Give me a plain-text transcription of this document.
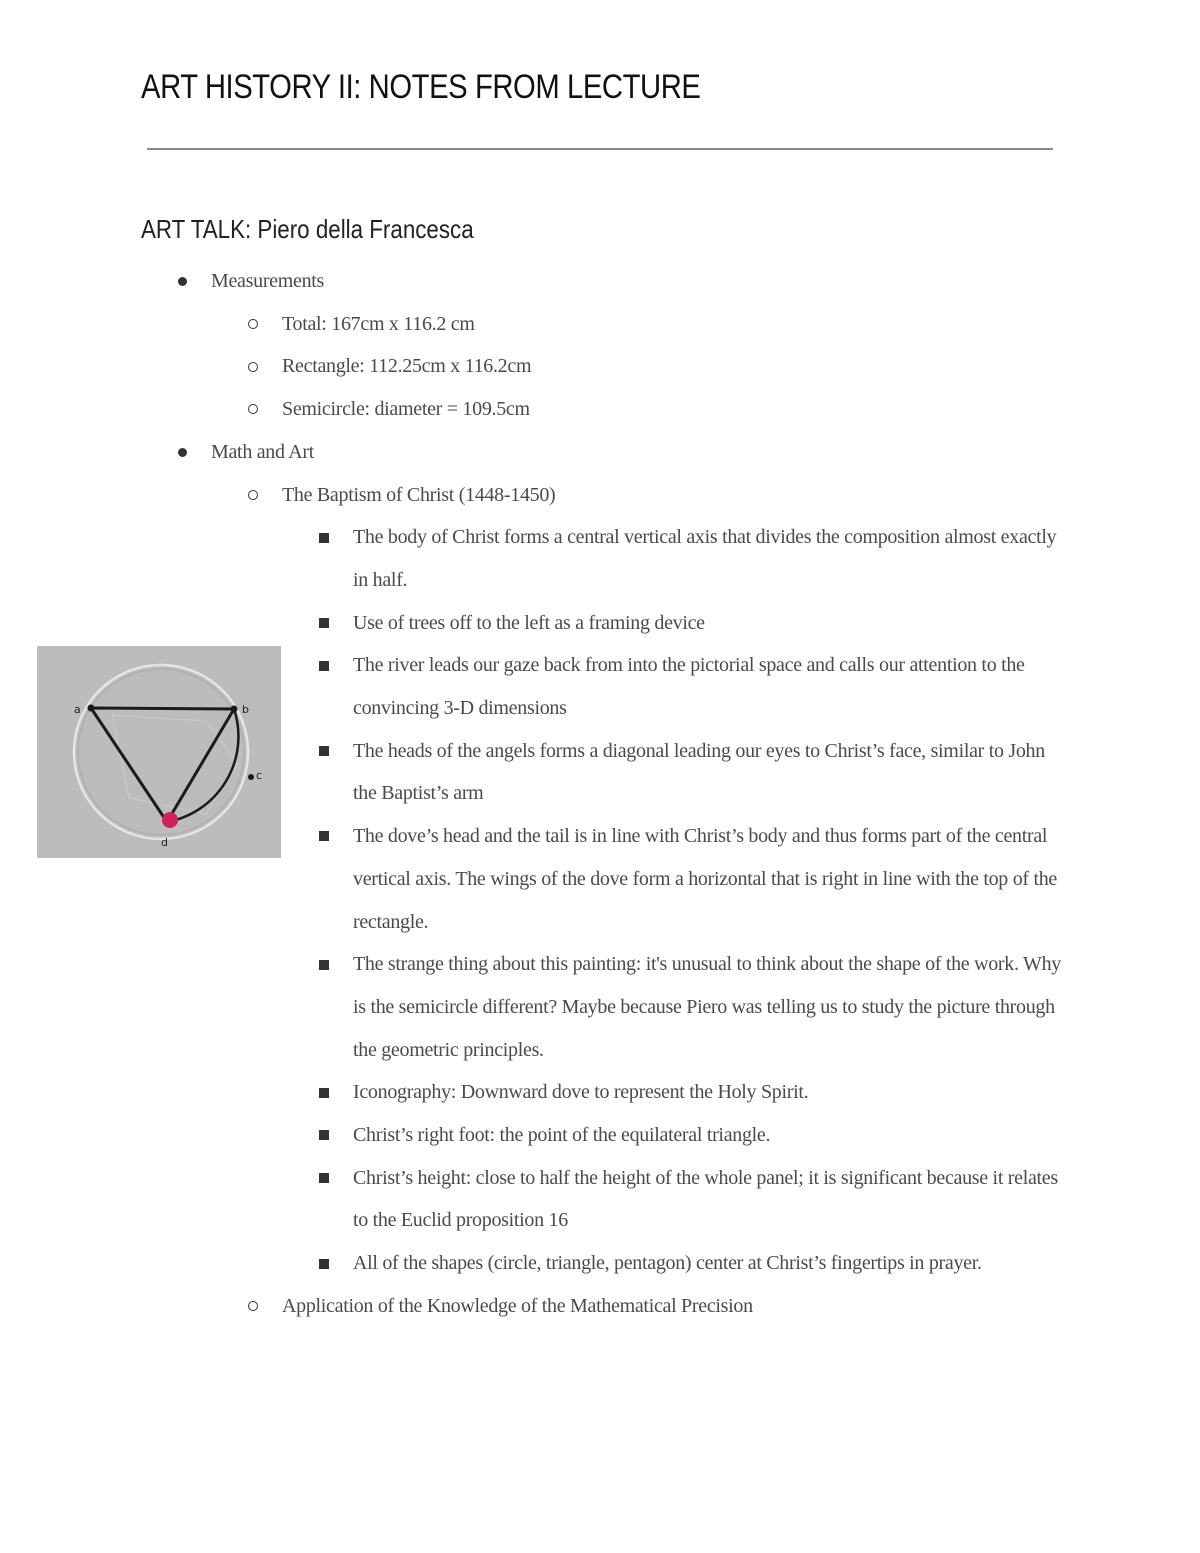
ART HISTORY II: NOTES FROM LECTURE
ART TALK: Piero della Francesca
Measurements
Total: 167cm x 116.2 cm
Rectangle: 112.25cm x 116.2cm
Semicircle: diameter = 109.5cm
Math and Art
The Baptism of Christ (1448-1450)
The body of Christ forms a central vertical axis that divides the composition almost exactly in half.
Use of trees off to the left as a framing device
The river leads our gaze back from into the pictorial space and calls our attention to the convincing 3-D dimensions
The heads of the angels forms a diagonal leading our eyes to Christ’s face, similar to John the Baptist’s arm
The dove’s head and the tail is in line with Christ’s body and thus forms part of the central vertical axis. The wings of the dove form a horizontal that is right in line with the top of the rectangle.
The strange thing about this painting: it's unusual to think about the shape of the work. Why is the semicircle different? Maybe because Piero was telling us to study the picture through the geometric principles.
Iconography: Downward dove to represent the Holy Spirit.
Christ’s right foot: the point of the equilateral triangle.
Christ’s height: close to half the height of the whole panel; it is significant because it relates to the Euclid proposition 16
All of the shapes (circle, triangle, pentagon) center at Christ’s fingertips in prayer.
Application of the Knowledge of the Mathematical Precision
a	b
c
d
